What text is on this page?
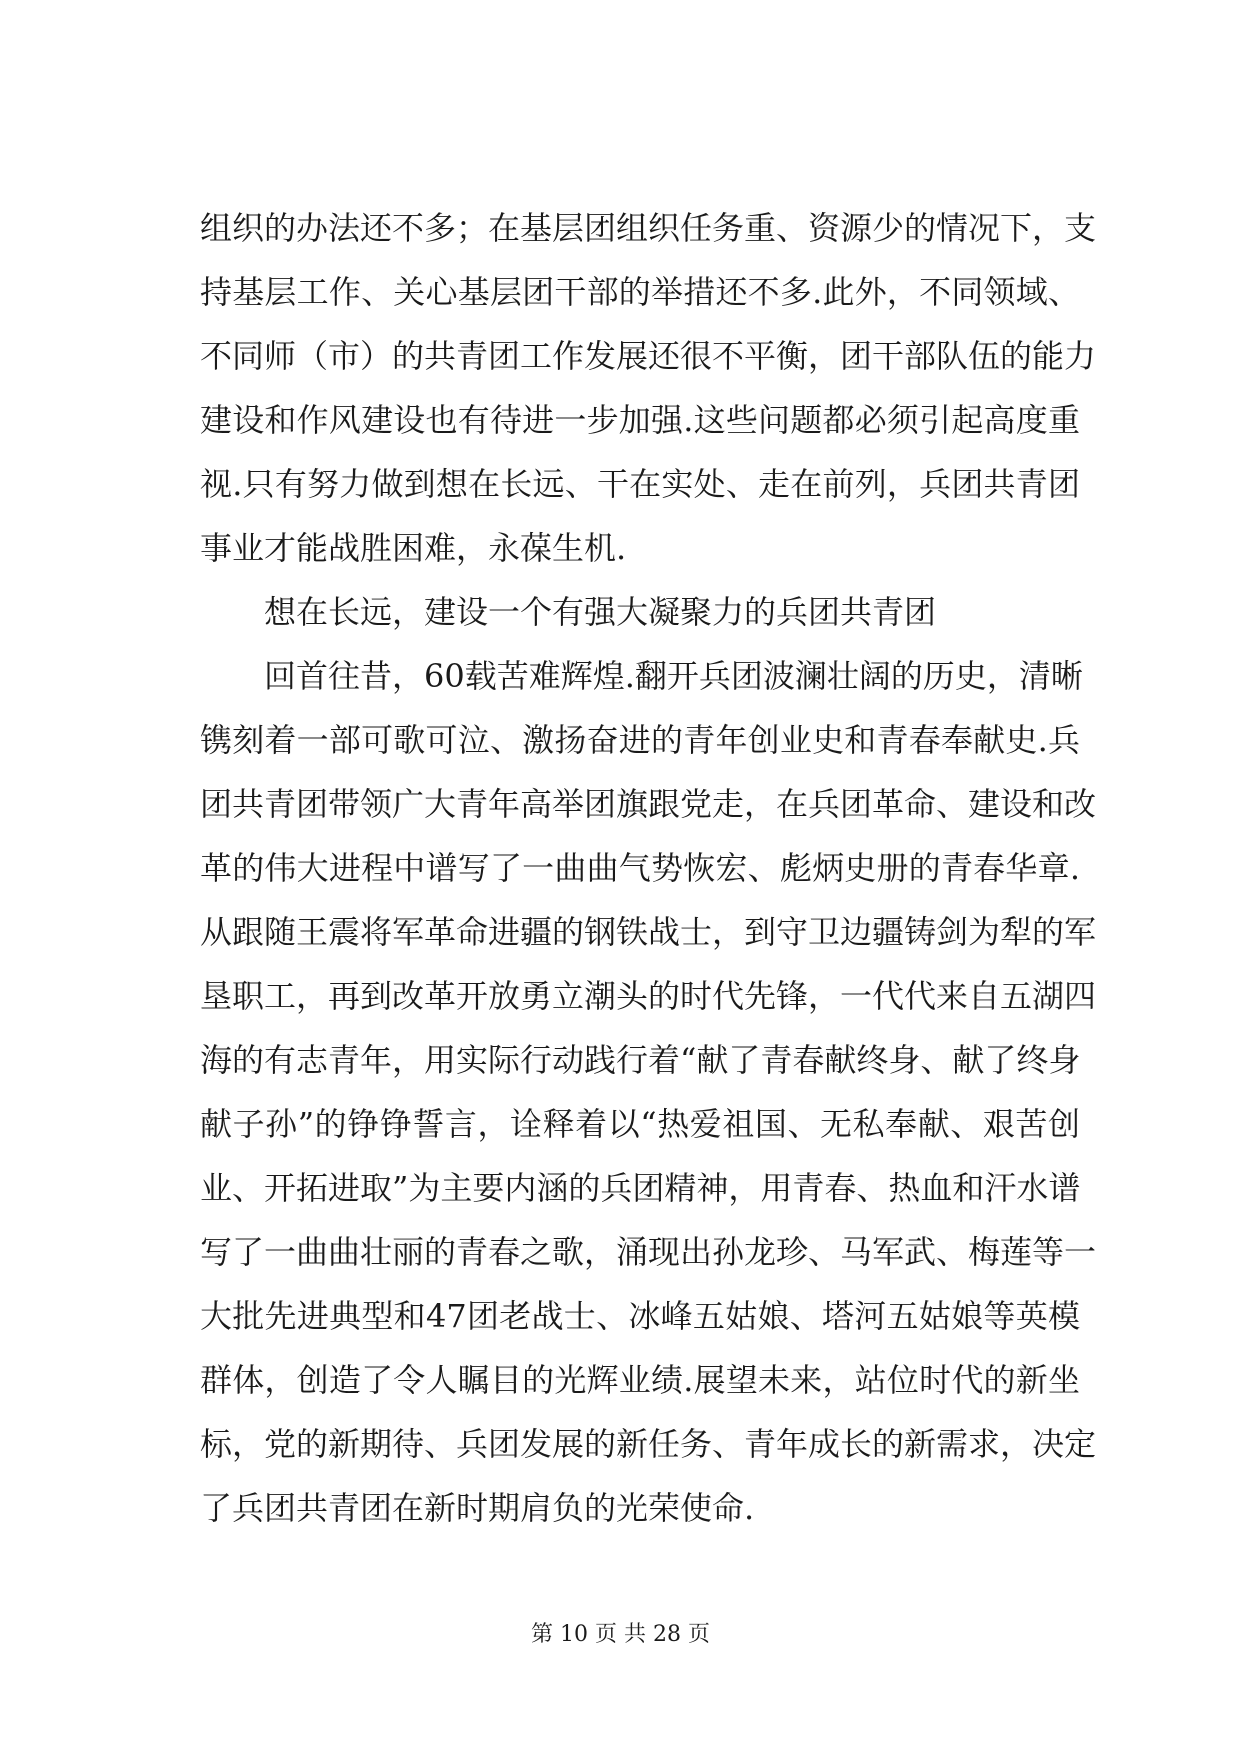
组织的办法还不多；在基层团组织任务重、资源少的情况下，支
持基层工作、关心基层团干部的举措还不多.此外，不同领域、
不同师（市）的共青团工作发展还很不平衡，团干部队伍的能力
建设和作风建设也有待进一步加强.这些问题都必须引起高度重
视.只有努力做到想在长远、干在实处、走在前列，兵团共青团
事业才能战胜困难，永葆生机.
想在长远，建设一个有强大凝聚力的兵团共青团
回首往昔，60载苦难辉煌.翻开兵团波澜壮阔的历史，清晰
镌刻着一部可歌可泣、激扬奋进的青年创业史和青春奉献史.兵
团共青团带领广大青年高举团旗跟党走，在兵团革命、建设和改
革的伟大进程中谱写了一曲曲气势恢宏、彪炳史册的青春华章.
从跟随王震将军革命进疆的钢铁战士，到守卫边疆铸剑为犁的军
垦职工，再到改革开放勇立潮头的时代先锋，一代代来自五湖四
海的有志青年，用实际行动践行着“献了青春献终身、献了终身
献子孙”的铮铮誓言，诠释着以“热爱祖国、无私奉献、艰苦创
业、开拓进取”为主要内涵的兵团精神，用青春、热血和汗水谱
写了一曲曲壮丽的青春之歌，涌现出孙龙珍、马军武、梅莲等一
大批先进典型和47团老战士、冰峰五姑娘、塔河五姑娘等英模
群体，创造了令人瞩目的光辉业绩.展望未来，站位时代的新坐
标，党的新期待、兵团发展的新任务、青年成长的新需求，决定
了兵团共青团在新时期肩负的光荣使命.
第 10 页 共 28 页
